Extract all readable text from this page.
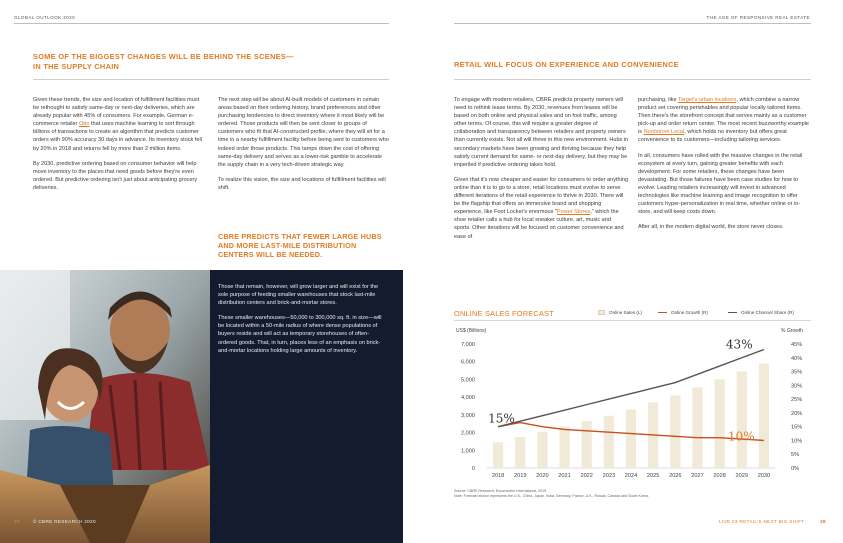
GLOBAL OUTLOOK 2020	THE AGE OF RESPONSIVE REAL ESTATE
SOME OF THE BIGGEST CHANGES WILL BE BEHIND THE SCENES—
IN THE SUPPLY CHAIN

Given these trends, the size and location of fulfillment facilities must be rethought to satisfy same-day or next-day deliveries, which are already popular with 45% of consumers. For example, German e-commerce retailer Otto that uses machine learning to sort through billions of transactions to create an algorithm that predicts customer orders with 90% accuracy 30 days in advance. Its inventory stock fell by 20% in 2018 and returns fell by more than 2 million items.

By 2030, predictive ordering based on consumer behavior will help move inventory to the places that need goods before they're even ordered. But predictive ordering isn't just about anticipating grocery deliveries.

The next step will be about AI-built models of customers in certain areas based on their ordering history, brand preferences and other purchasing tendencies to direct inventory where it most likely will be ordered. Those products will then be sent closer to groups of customers who fit that AI-constructed profile, where they will sit for a time in a nearby fulfillment facility before being sent to customers who indeed order those products. This tamps down the cost of offering same-day delivery and serves as a lower-risk gamble to accelerate the supply chain in a very tech-driven strategic way.

To realize this vision, the size and locations of fulfillment facilities will shift.

CBRE PREDICTS THAT FEWER LARGE HUBS AND MORE LAST-MILE DISTRIBUTION CENTERS WILL BE NEEDED.

Those that remain, however, will grow larger and will exist for the sole purpose of feeding smaller warehouses that stock last-mile distribution centers and brick-and-mortar stores.

These smaller warehouses—50,000 to 300,000 sq. ft. in size—will be located within a 50-mile radius of where dense populations of buyers reside and will act as temporary storehouses of often-ordered goods. That, in turn, places less of an emphasis on brick-and-mortar locations holding large amounts of inventory.

37	© CBRE RESEARCH 2020
RETAIL WILL FOCUS ON EXPERIENCE AND CONVENIENCE

To engage with modern retailers, CBRE predicts property owners will need to rethink lease terms. By 2030, revenues from leases will be based on both online and physical sales and on foot traffic, among other terms. Of course, this will require a greater degree of collaboration and transparency between retailers and property owners than currently exists. Not all will thrive in this new environment. Hubs in secondary markets have been growing and thriving because they help satisfy current demand for same- or next-day delivery, but they may be imperiled if predictive ordering takes hold.

Given that it's now cheaper and easier for consumers to order anything online than it is to go to a store, retail locations must evolve to serve different iterations of the retail experience to thrive in 2030. There will be the flagship that offers an immersive brand and shopping experience, like Foot Locker's enormous "Power Stores," which the shoe retailer calls a hub for local sneaker culture, art, music and sports. Other iterations will be focused on customer convenience and ease of

purchasing, like Target's urban locations, which combine a narrow product set covering perishables and popular locally tailored items. Then there's the storefront concept that serves mainly as a customer pick-up and order return center. The most recent buzzworthy example is Nordstrom Local, which holds no inventory but offers great convenience to its customers—including tailoring services.

In all, consumers have rolled with the massive changes in the retail ecosystem at every turn, gaining greater benefits with each development. For some retailers, these changes have been devastating. But those failures have been case studies for how to evolve. Leading retailers increasingly will invest in advanced technologies like machine learning and image recognition to offer customers hyper-personalization in real time, whether online or in-store, and will keep costs down.

After all, in the modern digital world, the store never closes.

ONLINE SALES FORECAST	Online Sales (L)	Online Growth (R)	Online Channel Share (R)
US$ (Billions)	% Growth
0
1,000
2,000
3,000
4,000
5,000
6,000
7,000
0%
5%
10%
15%
20%
25%
30%
35%
40%
45%
2018 2019 2020 2021 2022 2023 2024 2025 2026 2027 2028 2029 2030
15%
43%
10%
Source: CBRE Research, Euromonitor International, 2019.
Note: Forecast shown represents the U.S., China, Japan, India, Germany, France, U.K., Russia, Canada and South Korea.
LIVE 03 RETAIL'S NEXT BIG SHIFT	38
